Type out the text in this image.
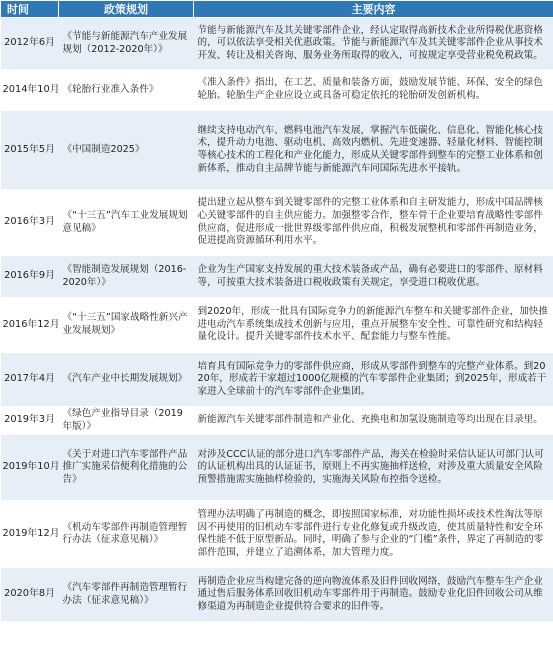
时间	政策规划	主要内容
2012年6月	《节能与新能源汽车产业发展规划（2012-2020年）》	节能与新能源汽车及其关键零部件企业，经认定取得高新技术企业所得税优惠资格的，可以依法享受相关优惠政策。节能与新能源汽车及其关键零部件企业从事技术开发、转让及相关咨询、服务业务所取得的收入，可按规定享受营业税免税政策。
2014年10月	《轮胎行业准入条件》	《准入条件》指出，在工艺、质量和装备方面，鼓励发展节能、环保、安全的绿色轮胎。轮胎生产企业应设立或具备可稳定依托的轮胎研发创新机构。
2015年5月	《中国制造2025》	继续支持电动汽车、燃料电池汽车发展，掌握汽车低碳化、信息化、智能化核心技术，提升动力电池、驱动电机、高效内燃机、先进变速器、轻量化材料、智能控制等核心技术的工程化和产业化能力，形成从关键零部件到整车的完整工业体系和创新体系，推动自主品牌节能与新能源汽车同国际先进水平接轨。
2016年3月	《“十三五”汽车工业发展规划意见稿》	提出建立起从整车到关键零部件的完整工业体系和自主研发能力，形成中国品牌核心关键零部件的自主供应能力。加强整零合作，整车骨干企业要培育战略性零部件供应商，促进形成一批世界级零部件供应商，积极发展整机和零部件再制造业务，促进提高资源循环利用水平。
2016年9月	《智能制造发展规划（2016-2020年）》	企业为生产国家支持发展的重大技术装备或产品，确有必要进口的零部件、原材料等，可按重大技术装备进口税收政策有关规定，享受进口税收优惠。
2016年12月	《“十三五”国家战略性新兴产业发展规划》	到2020年，形成一批具有国际竞争力的新能源汽车整车和关键零部件企业，加快推进电动汽车系统集成技术创新与应用，重点开展整车安全性、可靠性研究和结构轻量化设计。提升关键零部件技术水平、配套能力与整车性能。
2017年4月	《汽车产业中长期发展规划》	培育具有国际竞争力的零部件供应商，形成从零部件到整车的完整产业体系。到2020年，形成若干家超过1000亿规模的汽车零部件企业集团；到2025年，形成若干家进入全球前十的汽车零部件企业集团。
2019年3月	《绿色产业指导目录（2019年版）》	新能源汽车关键零部件制造和产业化、充换电和加氢设施制造等均出现在目录里。
2019年10月	《关于对进口汽车零部件产品推广实施采信便利化措施的公告》	对涉及CCC认证的部分进口汽车零部件产品，海关在检验时采信认证认可部门认可的认证机构出具的认证证书，原则上不再实施抽样送检，对涉及重大质量安全风险预警措施需实施抽样检验的，实施海关风险布控指令送检。
2019年12月	《机动车零部件再制造管理暂行办法（征求意见稿）》	管理办法明确了再制造的概念，即按照国家标准，对功能性损坏或技术性淘汰等原因不再使用的旧机动车零部件进行专业化修复或升级改造，使其质量特性和安全环保性能不低于原型新品。同时，明确了参与企业的“门槛”条件，界定了再制造的零部件范围，并建立了追溯体系，加大管理力度。
2020年8月	《汽车零部件再制造管理暂行办法（征求意见稿）》	再制造企业应当构建完备的逆向物流体系及旧件回收网络，鼓励汽车整车生产企业通过售后服务体系回收旧机动车零部件用于再制造。鼓励专业化旧件回收公司从维修渠道为再制造企业提供符合要求的旧件等。
